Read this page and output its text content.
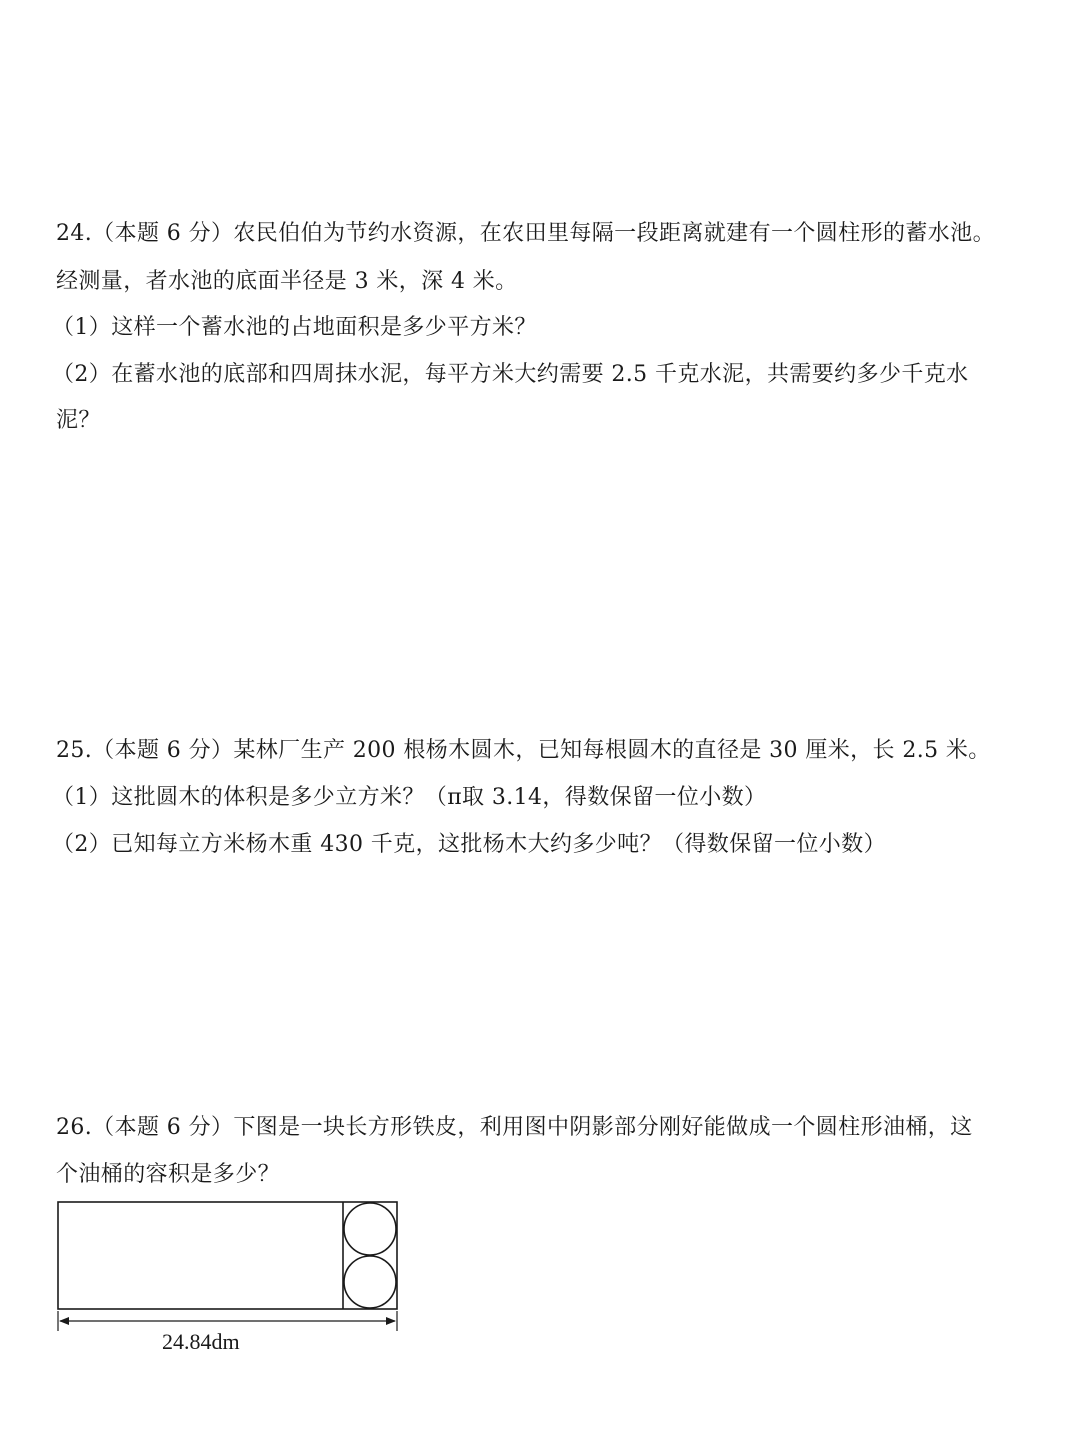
24.（本题 6 分）农民伯伯为节约水资源，在农田里每隔一段距离就建有一个圆柱形的蓄水池。
经测量，者水池的底面半径是 3 米，深 4 米。
（1）这样一个蓄水池的占地面积是多少平方米？
（2）在蓄水池的底部和四周抹水泥，每平方米大约需要 2.5 千克水泥，共需要约多少千克水
泥？
25.（本题 6 分）某林厂生产 200 根杨木圆木，已知每根圆木的直径是 30 厘米，长 2.5 米。
（1）这批圆木的体积是多少立方米？（π取 3.14，得数保留一位小数）
（2）已知每立方米杨木重 430 千克，这批杨木大约多少吨？（得数保留一位小数）
26.（本题 6 分）下图是一块长方形铁皮，利用图中阴影部分刚好能做成一个圆柱形油桶，这
个油桶的容积是多少？
24.84dm
